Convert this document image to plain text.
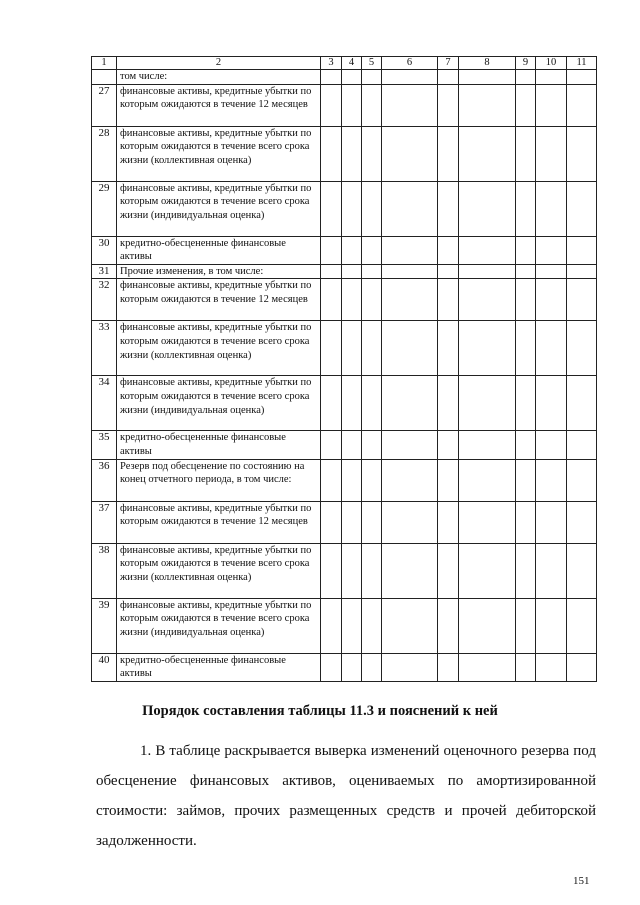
1	2	3	4	5	6	7	8	9	10	11
	том числе:									
27	финансовые активы, кредитные убытки по которым ожидаются в течение 12 месяцев									
28	финансовые активы, кредитные убытки по которым ожидаются в течение всего срока жизни (коллективная оценка)									
29	финансовые активы, кредитные убытки по которым ожидаются в течение всего срока жизни (индивидуальная оценка)									
30	кредитно-обесцененные финансовые активы									
31	Прочие изменения, в том числе:									
32	финансовые активы, кредитные убытки по которым ожидаются в течение 12 месяцев									
33	финансовые активы, кредитные убытки по которым ожидаются в течение всего срока жизни (коллективная оценка)									
34	финансовые активы, кредитные убытки по которым ожидаются в течение всего срока жизни (индивидуальная оценка)									
35	кредитно-обесцененные финансовые активы									
36	Резерв под обесценение по состоянию на конец отчетного периода, в том числе:									
37	финансовые активы, кредитные убытки по которым ожидаются в течение 12 месяцев									
38	финансовые активы, кредитные убытки по которым ожидаются в течение всего срока жизни (коллективная оценка)									
39	финансовые активы, кредитные убытки по которым ожидаются в течение всего срока жизни (индивидуальная оценка)									
40	кредитно-обесцененные финансовые активы									
Порядок составления таблицы 11.3 и пояснений к ней

1. В таблице раскрывается выверка изменений оценочного резерва под обесценение финансовых активов, оцениваемых по амортизированной стоимости: займов, прочих размещенных средств и прочей дебиторской задолженности.

151
